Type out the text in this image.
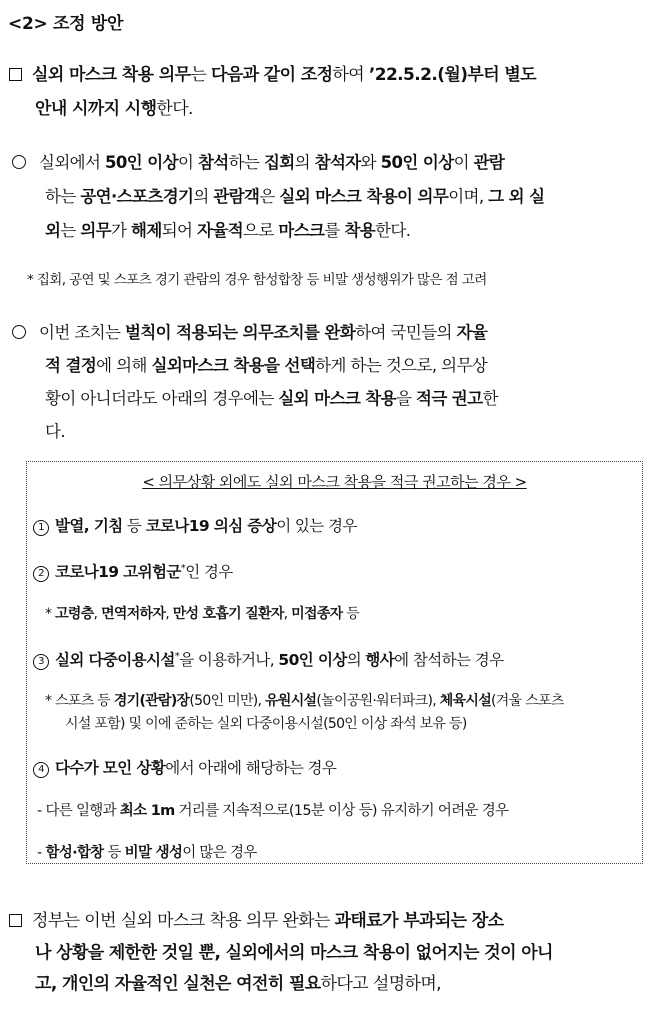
<2> 조정 방안
실외 마스크 착용 의무는 다음과 같이 조정하여 ’22.5.2.(월)부터 별도
안내 시까지 시행한다.
실외에서 50인 이상이 참석하는 집회의 참석자와 50인 이상이 관람
하는 공연·스포츠경기의 관람객은 실외 마스크 착용이 의무이며, 그 외 실
외는 의무가 해제되어 자율적으로 마스크를 착용한다.
* 집회, 공연 및 스포츠 경기 관람의 경우 함성합창 등 비말 생성행위가 많은 점 고려
이번 조치는 벌칙이 적용되는 의무조치를 완화하여 국민들의 자율
적 결정에 의해 실외마스크 착용을 선택하게 하는 것으로, 의무상
황이 아니더라도 아래의 경우에는 실외 마스크 착용을 적극 권고한
다.
< 의무상황 외에도 실외 마스크 착용을 적극 권고하는 경우 >
1 발열, 기침 등 코로나19 의심 증상이 있는 경우
2 코로나19 고위험군*인 경우
* 고령층, 면역저하자, 만성 호흡기 질환자, 미접종자 등
3 실외 다중이용시설*을 이용하거나, 50인 이상의 행사에 참석하는 경우
* 스포츠 등 경기(관람)장(50인 미만), 유원시설(놀이공원·워터파크), 체육시설(겨울 스포츠
시설 포함) 및 이에 준하는 실외 다중이용시설(50인 이상 좌석 보유 등)
4 다수가 모인 상황에서 아래에 해당하는 경우
- 다른 일행과 최소 1m 거리를 지속적으로(15분 이상 등) 유지하기 어려운 경우
- 함성·합창 등 비말 생성이 많은 경우
정부는 이번 실외 마스크 착용 의무 완화는 과태료가 부과되는 장소
나 상황을 제한한 것일 뿐, 실외에서의 마스크 착용이 없어지는 것이 아니
고, 개인의 자율적인 실천은 여전히 필요하다고 설명하며,
